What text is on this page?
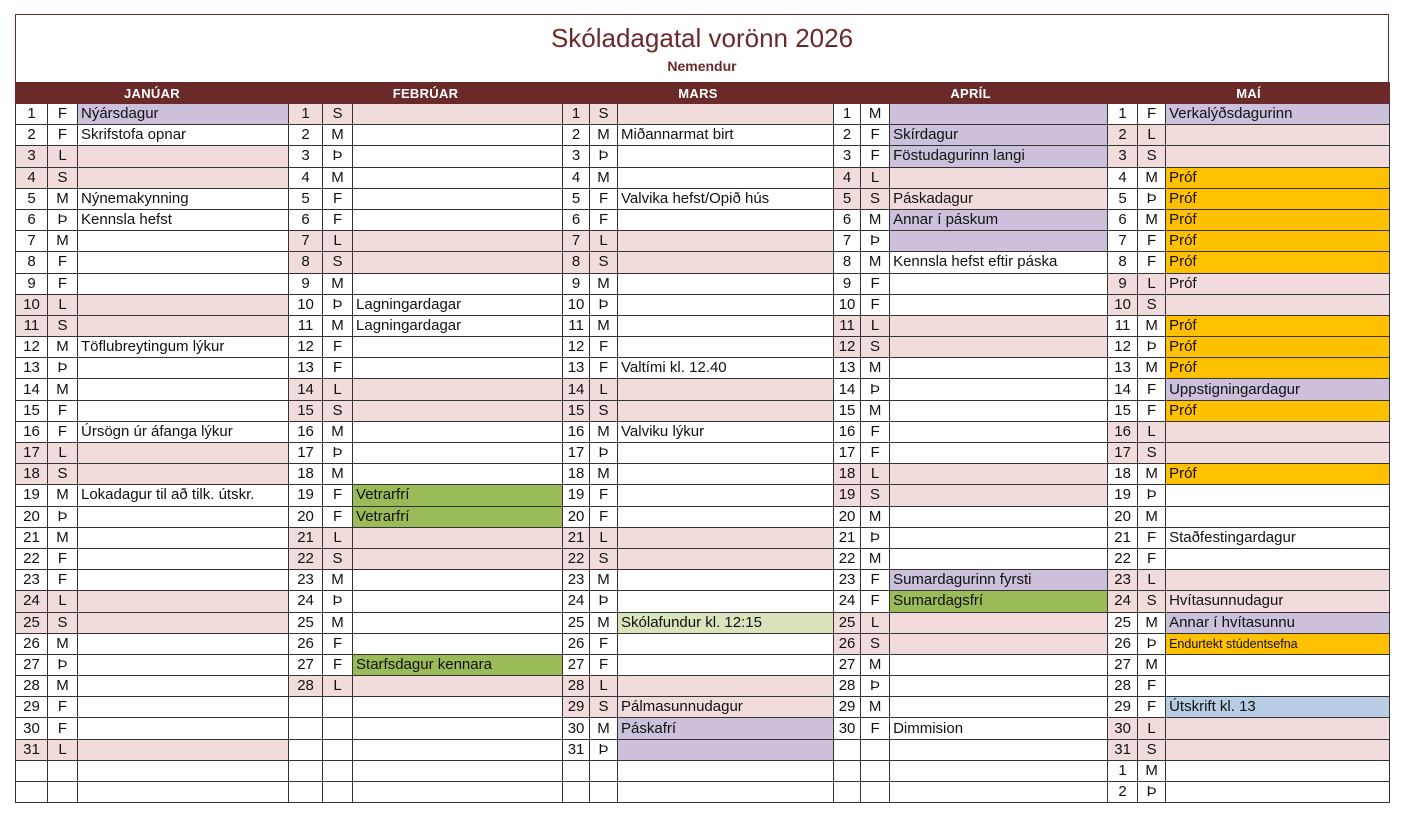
Skóladagatal vorönn 2026
Nemendur
JANÚAR			FEBRÚAR			MARS			APRÍL			MAÍ		
1	F	Nýársdagur	1	S		1	S		1	M		1	F	Verkalýðsdagurinn
2	F	Skrifstofa opnar	2	M		2	M	Miðannarmat birt	2	F	Skírdagur	2	L	
3	L		3	Þ		3	Þ		3	F	Föstudagurinn langi	3	S	
4	S		4	M		4	M		4	L		4	M	Próf
5	M	Nýnemakynning	5	F		5	F	Valvika hefst/Opið hús	5	S	Páskadagur	5	Þ	Próf
6	Þ	Kennsla hefst	6	F		6	F		6	M	Annar í páskum	6	M	Próf
7	M		7	L		7	L		7	Þ		7	F	Próf
8	F		8	S		8	S		8	M	Kennsla hefst eftir páska	8	F	Próf
9	F		9	M		9	M		9	F		9	L	Próf
10	L		10	Þ	Lagningardagar	10	Þ		10	F		10	S	
11	S		11	M	Lagningardagar	11	M		11	L		11	M	Próf
12	M	Töflubreytingum lýkur	12	F		12	F		12	S		12	Þ	Próf
13	Þ		13	F		13	F	Valtími kl. 12.40	13	M		13	M	Próf
14	M		14	L		14	L		14	Þ		14	F	Uppstigningardagur
15	F		15	S		15	S		15	M		15	F	Próf
16	F	Úrsögn úr áfanga lýkur	16	M		16	M	Valviku lýkur	16	F		16	L	
17	L		17	Þ		17	Þ		17	F		17	S	
18	S		18	M		18	M		18	L		18	M	Próf
19	M	Lokadagur til að tilk. útskr.	19	F	Vetrarfrí	19	F		19	S		19	Þ	
20	Þ		20	F	Vetrarfrí	20	F		20	M		20	M	
21	M		21	L		21	L		21	Þ		21	F	Staðfestingardagur
22	F		22	S		22	S		22	M		22	F	
23	F		23	M		23	M		23	F	Sumardagurinn fyrsti	23	L	
24	L		24	Þ		24	Þ		24	F	Sumardagsfrí	24	S	Hvítasunnudagur
25	S		25	M		25	M	Skólafundur kl. 12:15	25	L		25	M	Annar í hvítasunnu
26	M		26	F		26	F		26	S		26	Þ	Endurtekt stúdentsefna
27	Þ		27	F	Starfsdagur kennara	27	F		27	M		27	M	
28	M		28	L		28	L		28	Þ		28	F	
29	F					29	S	Pálmasunnudagur	29	M		29	F	Útskrift kl. 13
30	F					30	M	Páskafrí	30	F	Dimmision	30	L	
31	L					31	Þ					31	S	
												1	M	
												2	Þ	
